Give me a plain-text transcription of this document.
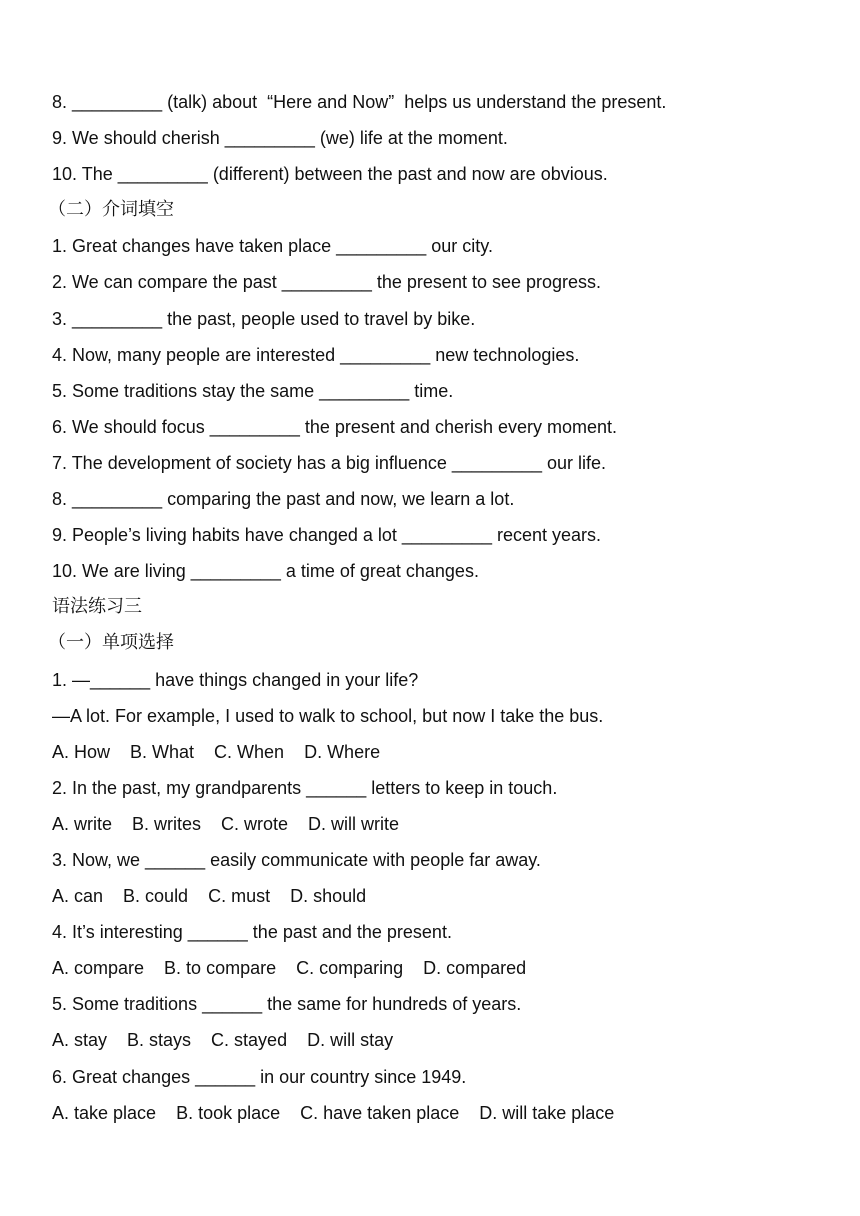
8. _________ (talk) about  “Here and Now”  helps us understand the present.
9. We should cherish _________ (we) life at the moment.
10. The _________ (different) between the past and now are obvious.
（二）介词填空
1. Great changes have taken place _________ our city.
2. We can compare the past _________ the present to see progress.
3. _________ the past, people used to travel by bike.
4. Now, many people are interested _________ new technologies.
5. Some traditions stay the same _________ time.
6. We should focus _________ the present and cherish every moment.
7. The development of society has a big influence _________ our life.
8. _________ comparing the past and now, we learn a lot.
9. People’s living habits have changed a lot _________ recent years.
10. We are living _________ a time of great changes.
语法练习三
（一）单项选择
1. —______ have things changed in your life?
—A lot. For example, I used to walk to school, but now I take the bus.
A. How    B. What    C. When    D. Where
2. In the past, my grandparents ______ letters to keep in touch.
A. write    B. writes    C. wrote    D. will write
3. Now, we ______ easily communicate with people far away.
A. can    B. could    C. must    D. should
4. It’s interesting ______ the past and the present.
A. compare    B. to compare    C. comparing    D. compared
5. Some traditions ______ the same for hundreds of years.
A. stay    B. stays    C. stayed    D. will stay
6. Great changes ______ in our country since 1949.
A. take place    B. took place    C. have taken place    D. will take place
